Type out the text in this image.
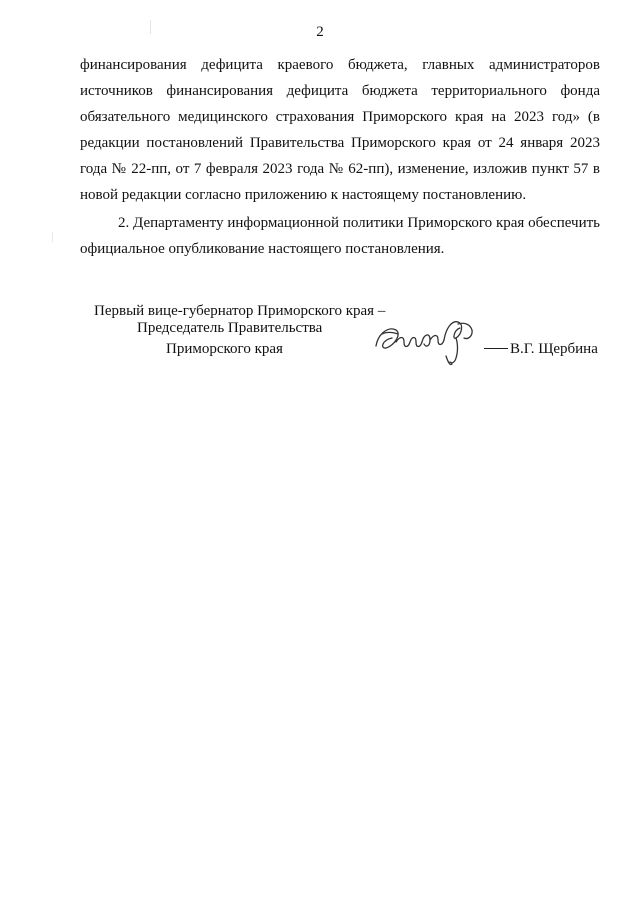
2

финансирования дефицита краевого бюджета, главных администраторов источников финансирования дефицита бюджета территориального фонда обязательного медицинского страхования Приморского края на 2023 год» (в редакции постановлений Правительства Приморского края от 24 января 2023 года № 22-пп, от 7 февраля 2023 года № 62-пп), изменение, изложив пункт 57 в новой редакции согласно приложению к настоящему постановлению.

2. Департаменту информационной политики Приморского края обеспечить официальное опубликование настоящего постановления.

Первый вице-губернатор Приморского края –
Председатель Правительства
Приморского края	В.Г. Щербина
